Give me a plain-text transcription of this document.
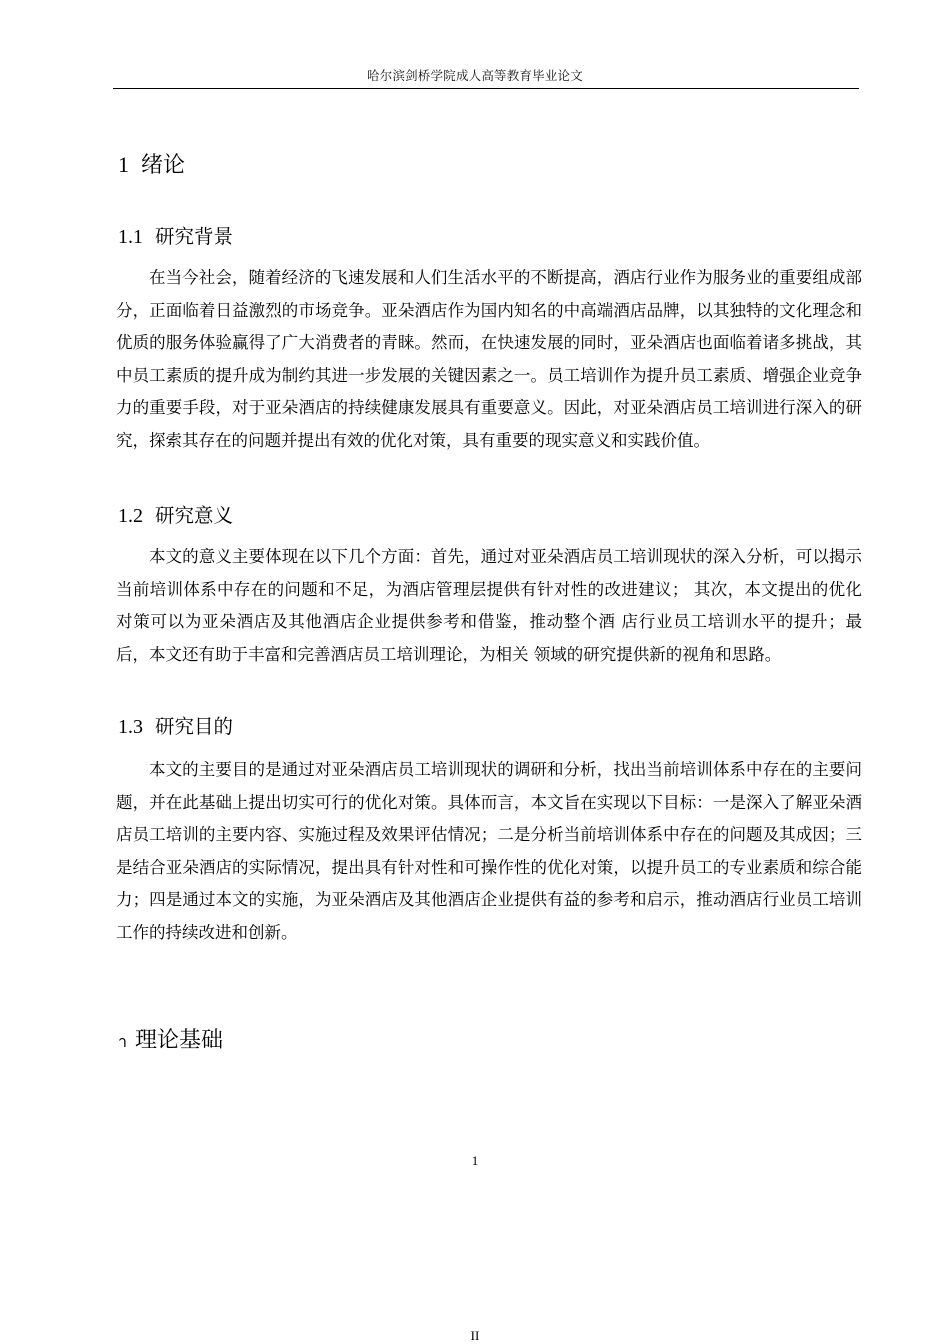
哈尔滨剑桥学院成人高等教育毕业论文
1 绪论
1.1 研究背景

在当今社会，随着经济的飞速发展和人们生活水平的不断提高，酒店行业作为服务业的重要组成部分，正面临着日益激烈的市场竞争。亚朵酒店作为国内知名的中高端酒店品牌，以其独特的文化理念和优质的服务体验赢得了广大消费者的青睐。然而，在快速发展的同时，亚朵酒店也面临着诸多挑战，其中员工素质的提升成为制约其进一步发展的关键因素之一。员工培训作为提升员工素质、增强企业竞争力的重要手段，对于亚朵酒店的持续健康发展具有重要意义。因此，对亚朵酒店员工培训进行深入的研究，探索其存在的问题并提出有效的优化对策，具有重要的现实意义和实践价值。

1.2 研究意义

本文的意义主要体现在以下几个方面：首先，通过对亚朵酒店员工培训现状的深入分析，可以揭示当前培训体系中存在的问题和不足，为酒店管理层提供有针对性的改进建议； 其次，本文提出的优化对策可以为亚朵酒店及其他酒店企业提供参考和借鉴，推动整个酒 店行业员工培训水平的提升；最后，本文还有助于丰富和完善酒店员工培训理论，为相关 领域的研究提供新的视角和思路。

1.3 研究目的

本文的主要目的是通过对亚朵酒店员工培训现状的调研和分析，找出当前培训体系中存在的主要问题，并在此基础上提出切实可行的优化对策。具体而言，本文旨在实现以下目标：一是深入了解亚朵酒店员工培训的主要内容、实施过程及效果评估情况；二是分析当前培训体系中存在的问题及其成因；三是结合亚朵酒店的实际情况，提出具有针对性和可操作性的优化对策，以提升员工的专业素质和综合能力；四是通过本文的实施，为亚朵酒店及其他酒店企业提供有益的参考和启示，推动酒店行业员工培训工作的持续改进和创新。

า 理论基础
1
II
